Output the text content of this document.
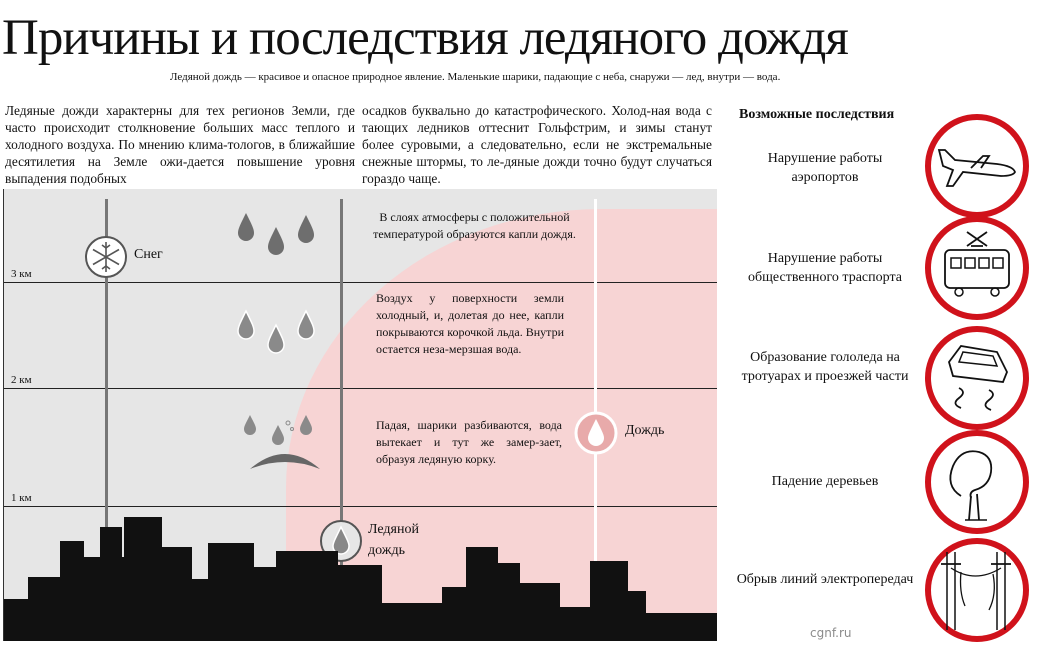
Причины и последствия ледяного дождя
Ледяной дождь — красивое и опасное природное явление. Маленькие шарики, падающие с неба, снаружи — лед, внутри — вода.
Ледяные дожди характерны для тех регионов Земли, где часто происходит столкновение больших масс теплого и холодного воздуха. По мнению клима-тологов, в ближайшие десятилетия на Земле ожи-дается повышение уровня выпадения подобных
осадков буквально до катастрофического. Холод-ная вода с тающих ледников оттеснит Гольфстрим, и зимы станут более суровыми, а следовательно, если не экстремальные снежные штормы, то ле-дяные дожди точно будут случаться гораздо чаще.
3 км
2 км
1 км
Снег
Ледяной дождь
Дождь
В слоях атмосферы с положительной температурой образуются капли дождя.
Воздух у поверхности земли холодный, и, долетая до нее, капли покрываются корочкой льда. Внутри остается неза-мерзшая вода.
Падая, шарики разбиваются, вода вытекает и тут же замер-зает, образуя ледяную корку.
Возможные последствия
Нарушение работы аэропортов
Нарушение работы общественного траспорта
Образование гололеда на тротуарах и проезжей части
Падение деревьев
Обрыв линий электропередач
cgnf.ru
